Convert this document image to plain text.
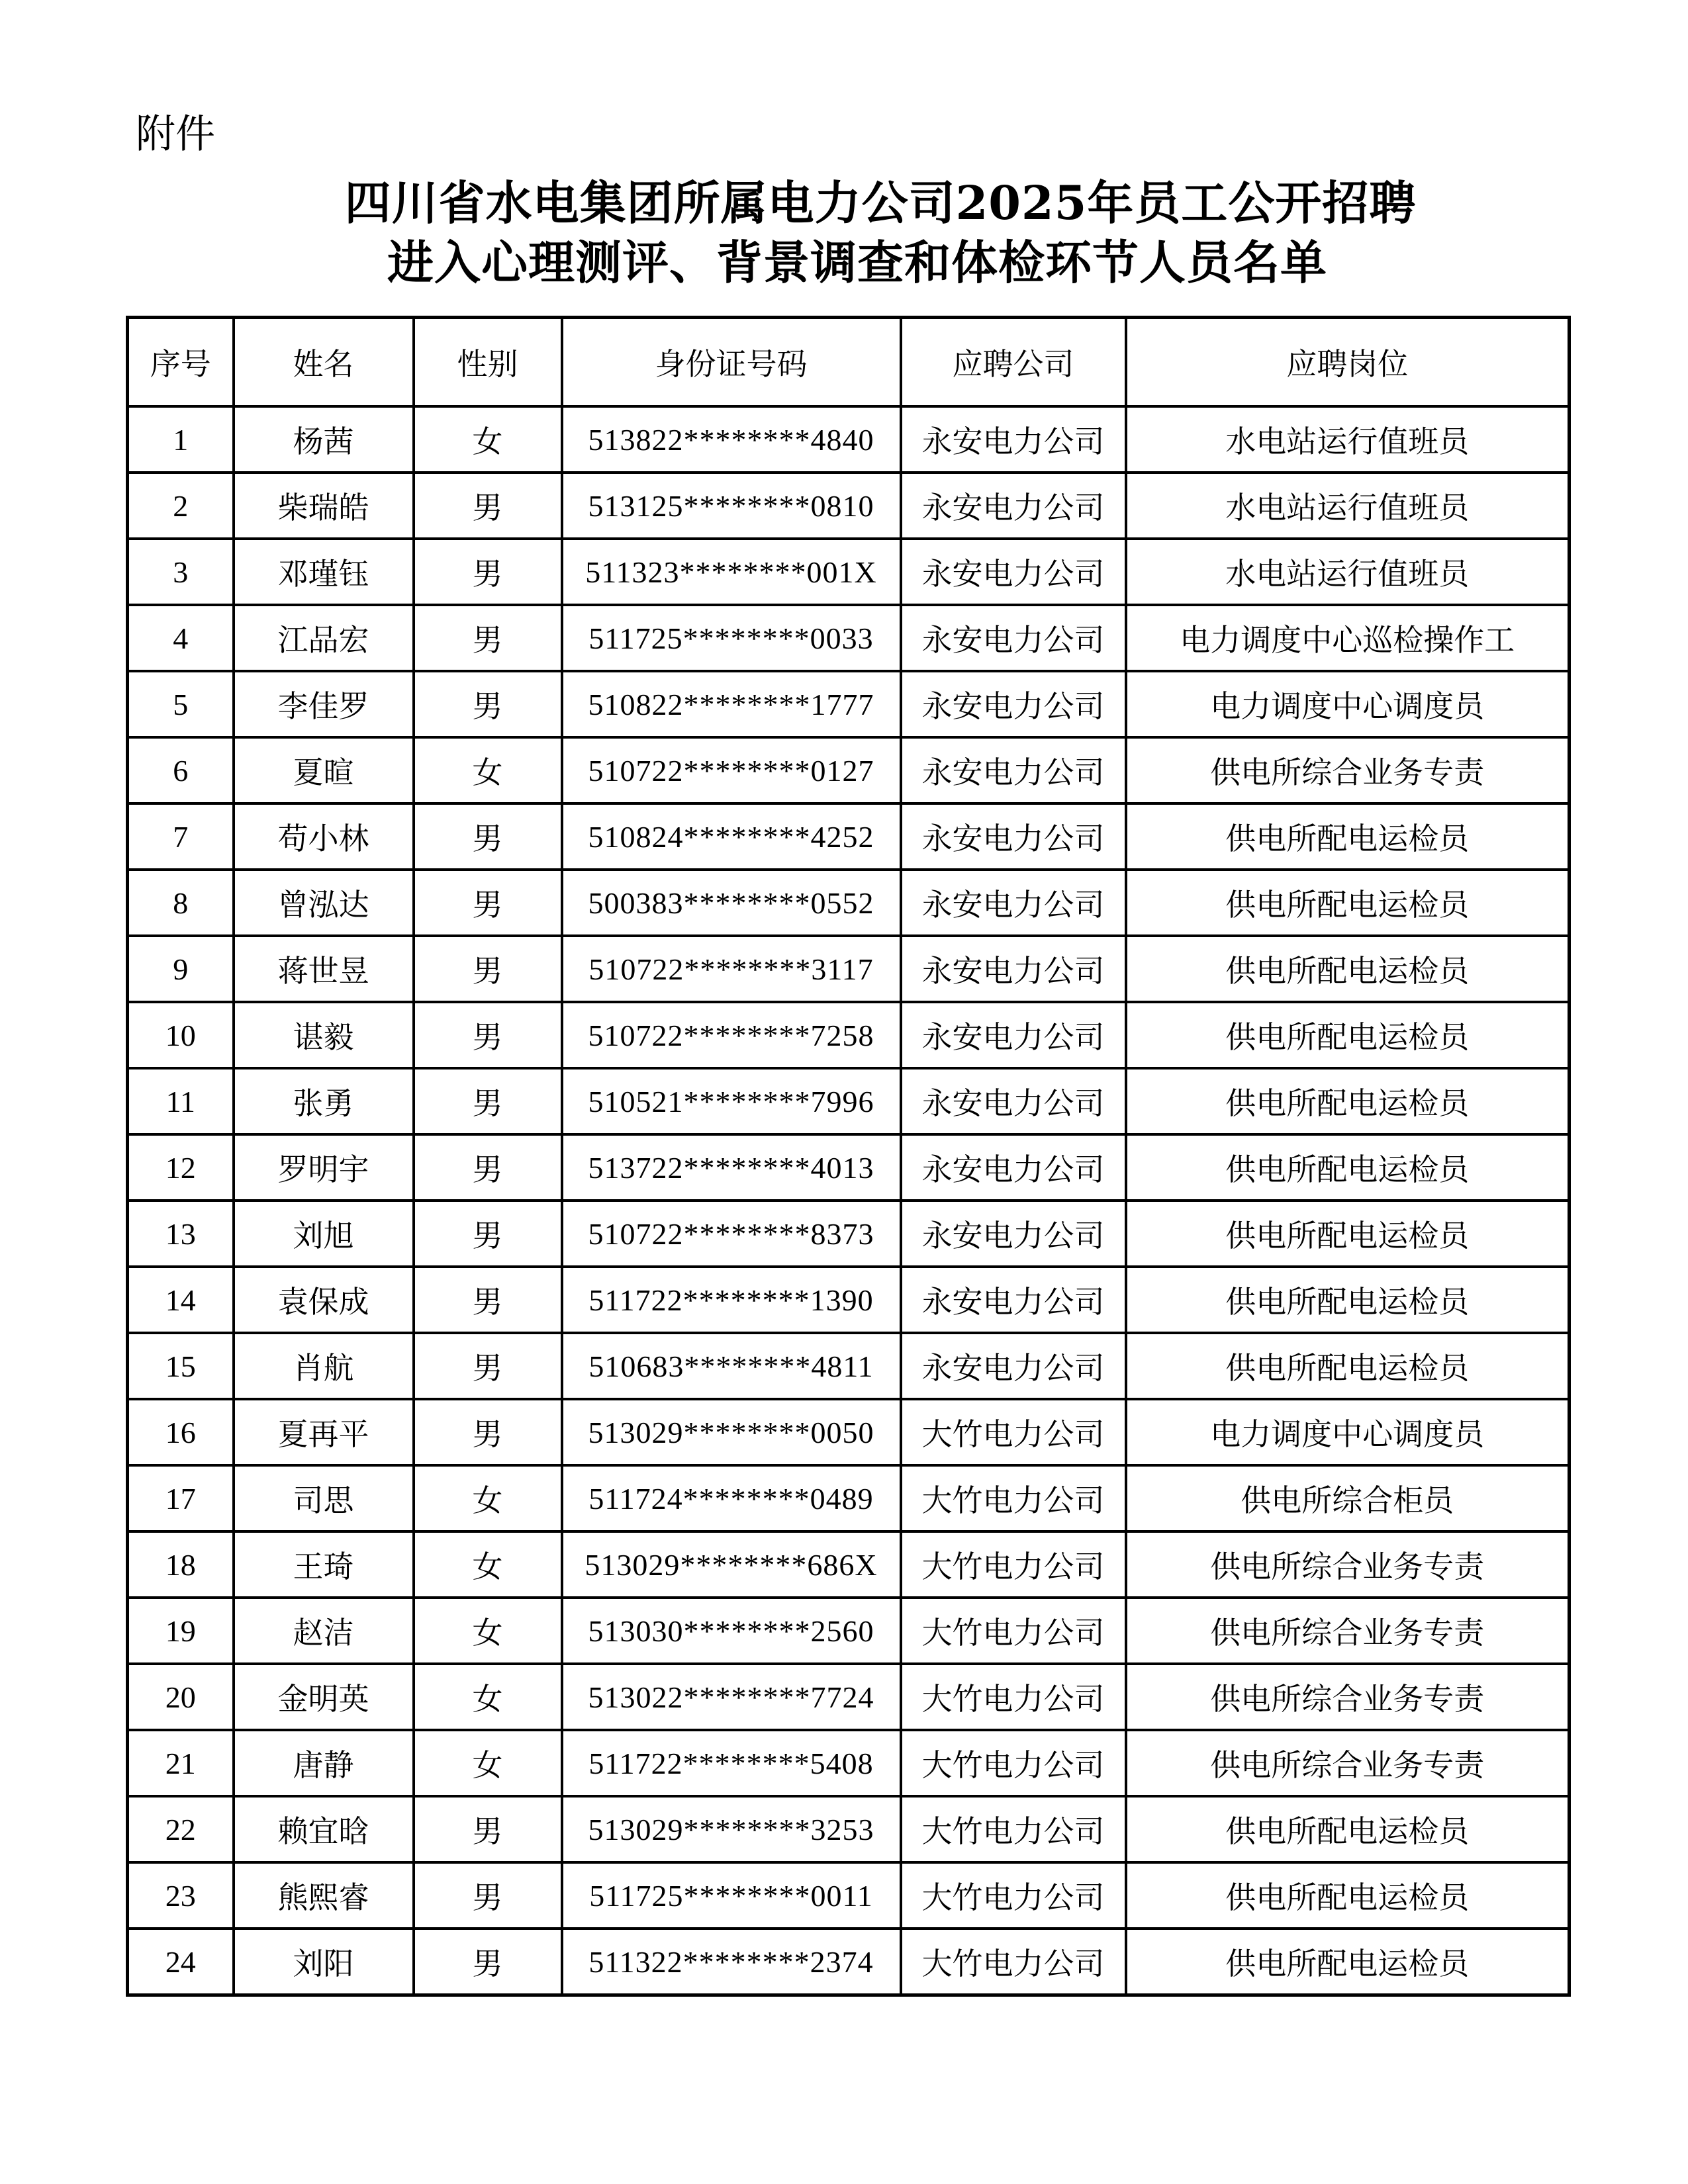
附件
四川省水电集团所属电力公司2025年员工公开招聘
进入心理测评、背景调查和体检环节人员名单
序号	姓名	性别	身份证号码	应聘公司	应聘岗位
1	杨茜	女	513822********4840	永安电力公司	水电站运行值班员
2	柴瑞皓	男	513125********0810	永安电力公司	水电站运行值班员
3	邓瑾钰	男	511323********001X	永安电力公司	水电站运行值班员
4	江品宏	男	511725********0033	永安电力公司	电力调度中心巡检操作工
5	李佳罗	男	510822********1777	永安电力公司	电力调度中心调度员
6	夏暄	女	510722********0127	永安电力公司	供电所综合业务专责
7	苟小林	男	510824********4252	永安电力公司	供电所配电运检员
8	曾泓达	男	500383********0552	永安电力公司	供电所配电运检员
9	蒋世昱	男	510722********3117	永安电力公司	供电所配电运检员
10	谌毅	男	510722********7258	永安电力公司	供电所配电运检员
11	张勇	男	510521********7996	永安电力公司	供电所配电运检员
12	罗明宇	男	513722********4013	永安电力公司	供电所配电运检员
13	刘旭	男	510722********8373	永安电力公司	供电所配电运检员
14	袁保成	男	511722********1390	永安电力公司	供电所配电运检员
15	肖航	男	510683********4811	永安电力公司	供电所配电运检员
16	夏再平	男	513029********0050	大竹电力公司	电力调度中心调度员
17	司思	女	511724********0489	大竹电力公司	供电所综合柜员
18	王琦	女	513029********686X	大竹电力公司	供电所综合业务专责
19	赵洁	女	513030********2560	大竹电力公司	供电所综合业务专责
20	金明英	女	513022********7724	大竹电力公司	供电所综合业务专责
21	唐静	女	511722********5408	大竹电力公司	供电所综合业务专责
22	赖宜晗	男	513029********3253	大竹电力公司	供电所配电运检员
23	熊熙睿	男	511725********0011	大竹电力公司	供电所配电运检员
24	刘阳	男	511322********2374	大竹电力公司	供电所配电运检员
